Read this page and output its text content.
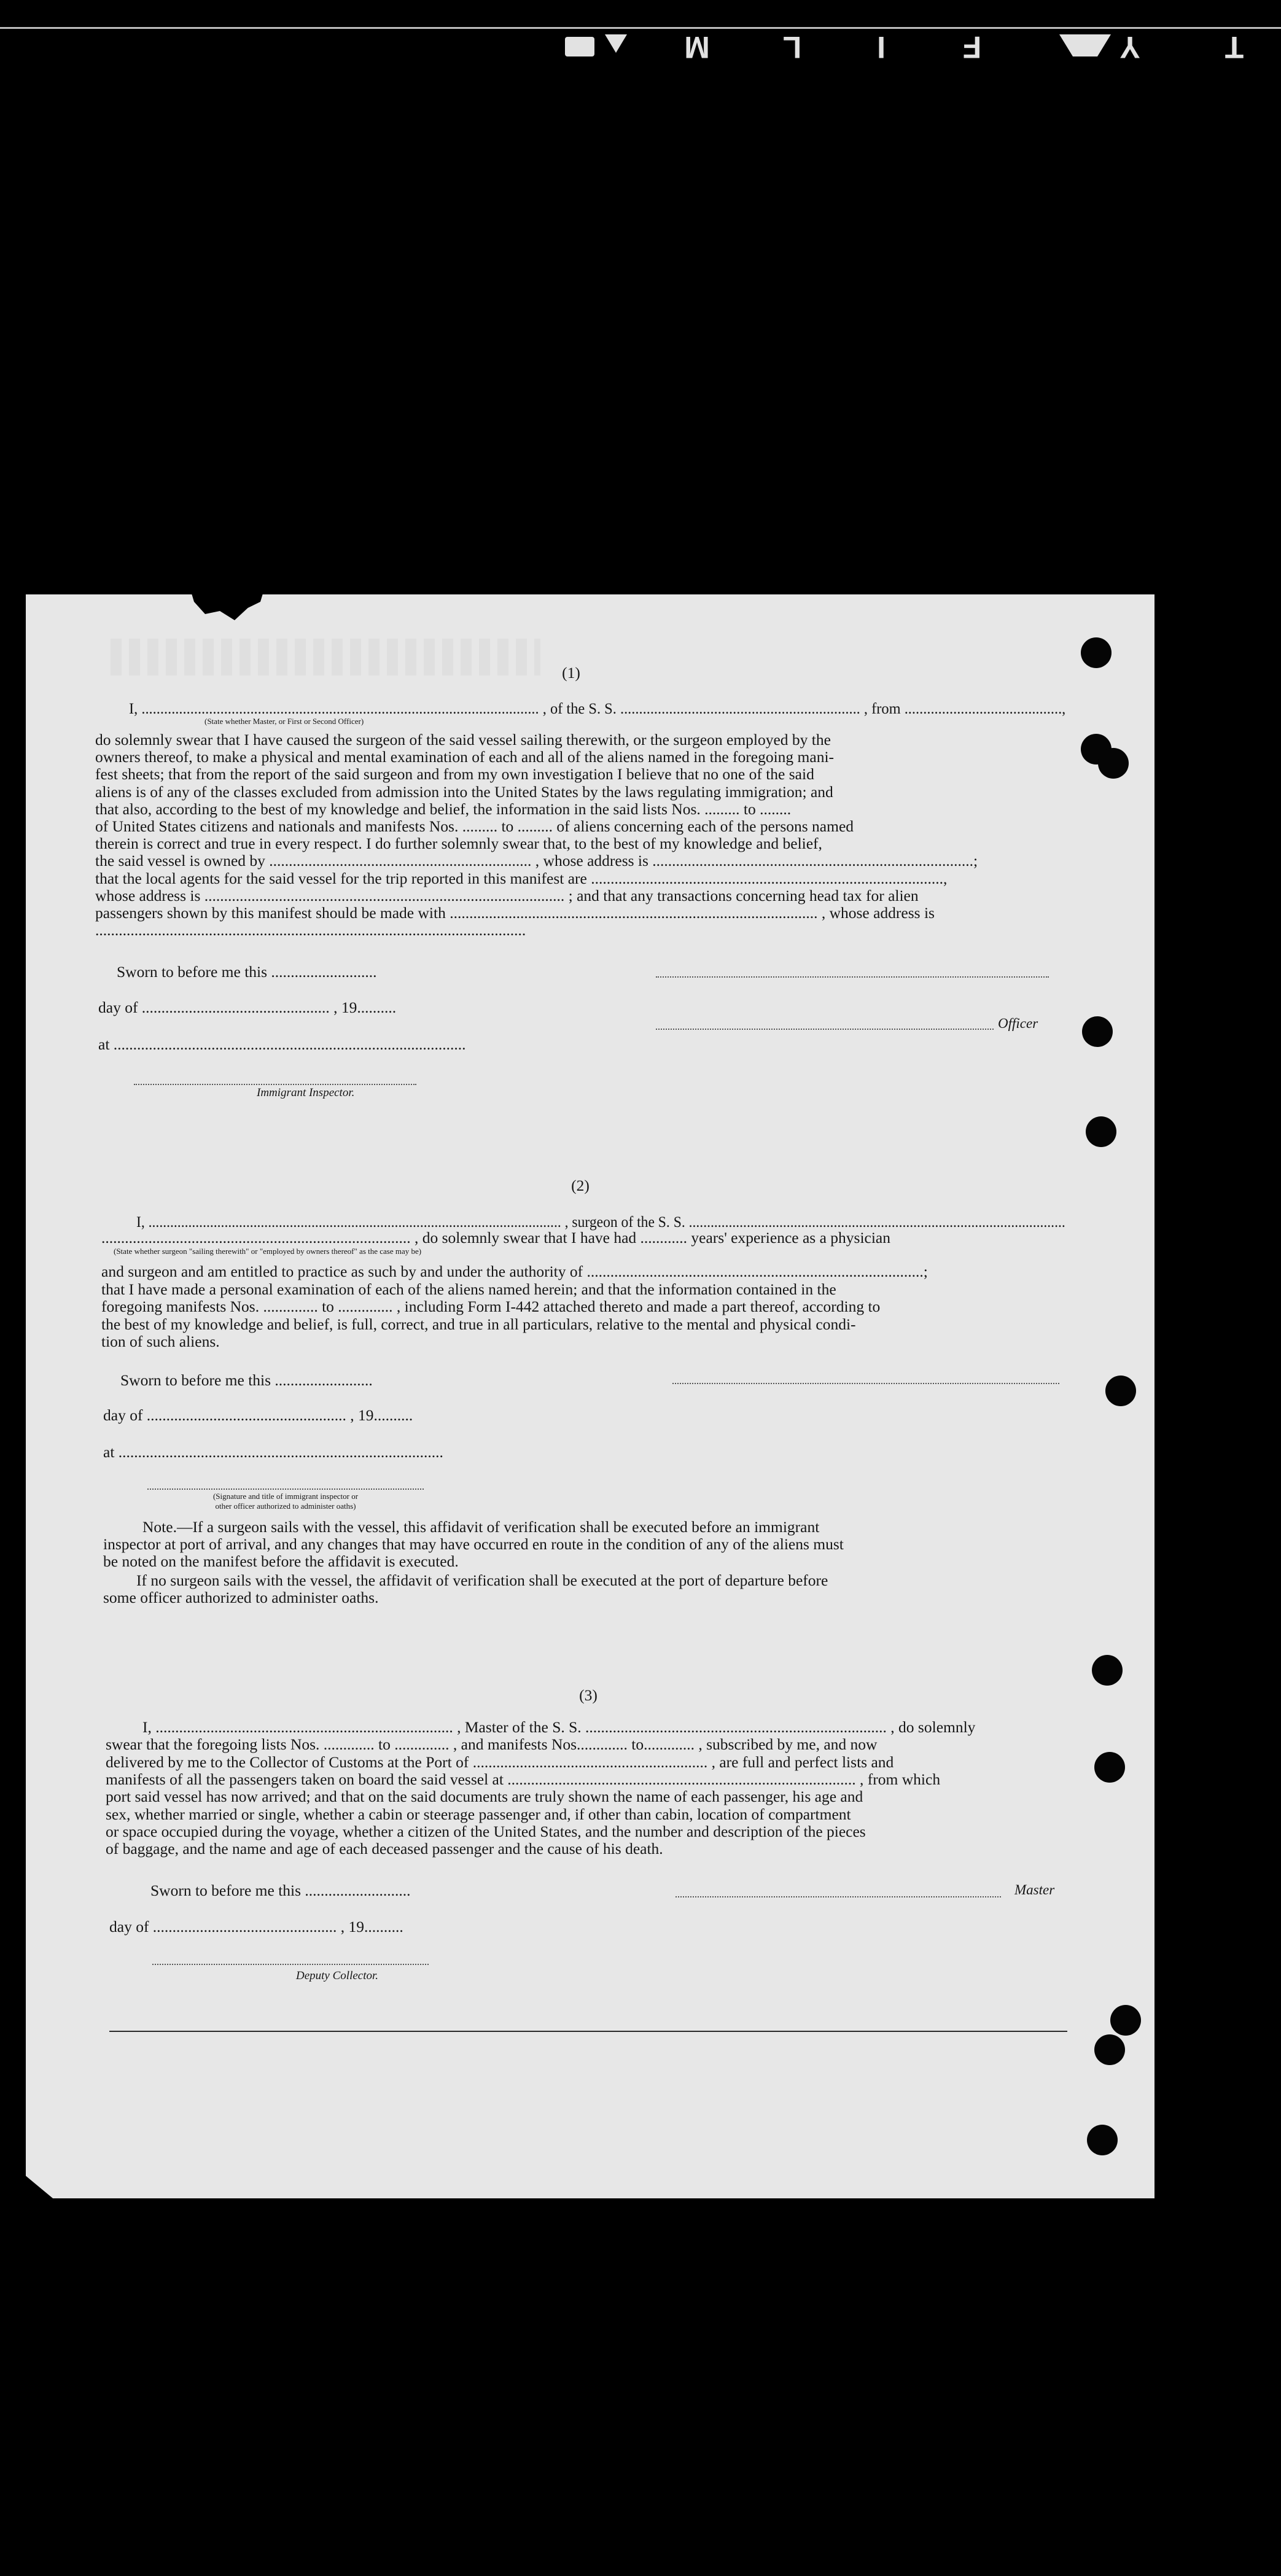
T
Y
F
I
L
M
(1)
I, .......................................................................................................... , of the S. S. ................................................................ , from ..........................................,
(State whether Master, or First or Second Officer)
do solemnly swear that I have caused the surgeon of the said vessel sailing therewith, or the surgeon employed by the
owners thereof, to make a physical and mental examination of each and all of the aliens named in the foregoing mani-
fest sheets; that from the report of the said surgeon and from my own investigation I believe that no one of the said
aliens is of any of the classes excluded from admission into the United States by the laws regulating immigration; and
that also, according to the best of my knowledge and belief, the information in the said lists Nos. ......... to ........
of United States citizens and nationals and manifests Nos. ......... to ......... of aliens concerning each of the persons named
therein is correct and true in every respect. I do further solemnly swear that, to the best of my knowledge and belief,
the said vessel is owned by ................................................................... , whose address is ..................................................................................;
that the local agents for the said vessel for the trip reported in this manifest are ..........................................................................................,
whose address is ............................................................................................ ; and that any transactions concerning head tax for alien
passengers shown by this manifest should be made with .............................................................................................. , whose address is
..............................................................................................................
Sworn to before me this ...........................
day of ................................................ , 19..........
at ..........................................................................................
Immigrant Inspector.
Officer
(2)
I, .................................................................................................................. , surgeon of the S. S. ........................................................................................................
............................................................................... , do solemnly swear that I have had ............ years' experience as a physician
(State whether surgeon "sailing therewith" or "employed by owners thereof" as the case may be)
and surgeon and am entitled to practice as such by and under the authority of ......................................................................................;
that I have made a personal examination of each of the aliens named herein; and that the information contained in the
foregoing manifests Nos. .............. to .............. , including Form I-442 attached thereto and made a part thereof, according to
the best of my knowledge and belief, is full, correct, and true in all particulars, relative to the mental and physical condi-
tion of such aliens.
Sworn to before me this .........................
day of ................................................... , 19..........
at ...................................................................................
(Signature and title of immigrant inspector or
other officer authorized to administer oaths)
Note.—If a surgeon sails with the vessel, this affidavit of verification shall be executed before an immigrant
inspector at port of arrival, and any changes that may have occurred en route in the condition of any of the aliens must
be noted on the manifest before the affidavit is executed.
If no surgeon sails with the vessel, the affidavit of verification shall be executed at the port of departure before
some officer authorized to administer oaths.
(3)
I, ............................................................................ , Master of the S. S. ............................................................................. , do solemnly
swear that the foregoing lists Nos. ............. to .............. , and manifests Nos............. to............. , subscribed by me, and now
delivered by me to the Collector of Customs at the Port of ............................................................ , are full and perfect lists and
manifests of all the passengers taken on board the said vessel at ......................................................................................... , from which
port said vessel has now arrived; and that on the said documents are truly shown the name of each passenger, his age and
sex, whether married or single, whether a cabin or steerage passenger and, if other than cabin, location of compartment
or space occupied during the voyage, whether a citizen of the United States, and the number and description of the pieces
of baggage, and the name and age of each deceased passenger and the cause of his death.
Sworn to before me this ...........................	Master
day of ............................................... , 19..........
Deputy Collector.
